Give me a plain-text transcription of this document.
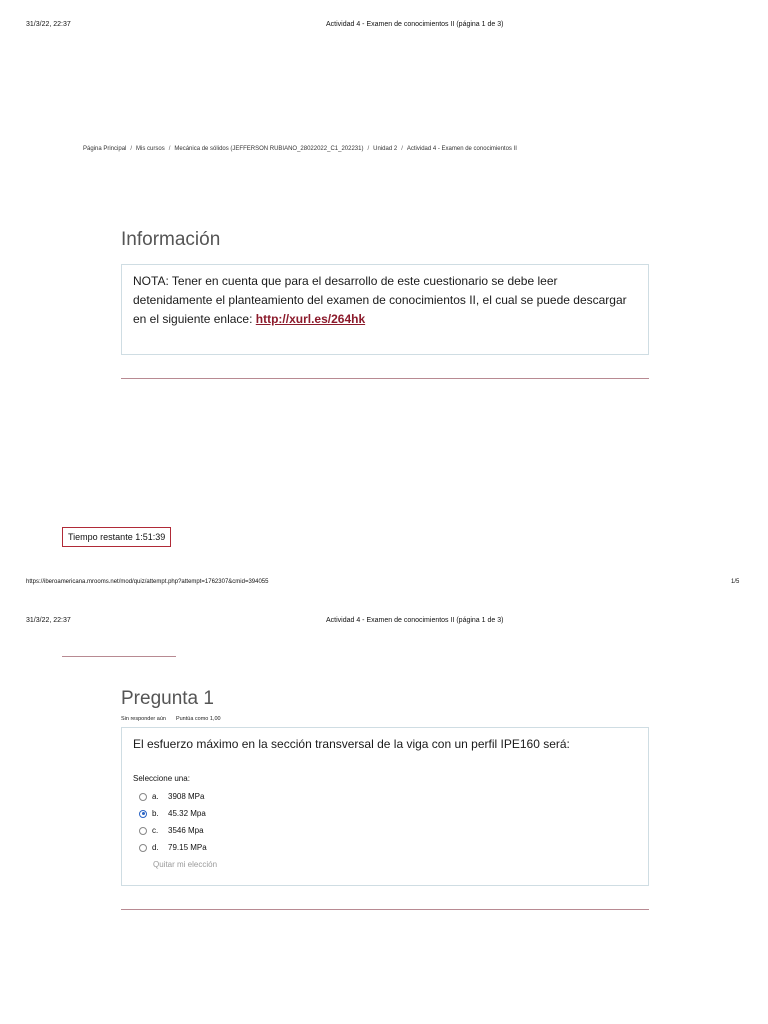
31/3/22, 22:37	Actividad 4 - Examen de conocimientos II (página 1 de 3)
Página Principal / Mis cursos / Mecánica de sólidos (JEFFERSON RUBIANO_28022022_C1_202231) / Unidad 2 / Actividad 4 - Examen de conocimientos II
Información
NOTA: Tener en cuenta que para el desarrollo de este cuestionario se debe leer detenidamente el planteamiento del examen de conocimientos II, el cual se puede descargar en el siguiente enlace: http://xurl.es/264hk
Tiempo restante 1:51:39
https://iberoamericana.mrooms.net/mod/quiz/attempt.php?attempt=1762307&cmid=394055	1/5
31/3/22, 22:37	Actividad 4 - Examen de conocimientos II (página 1 de 3)
Pregunta 1
Sin responder aún Puntúa como 1,00
El esfuerzo máximo en la sección transversal de la viga con un perfil IPE160 será:
Seleccione una:
a.	3908 MPa
b.	45.32 Mpa
c.	3546 Mpa
d.	79.15 MPa
Quitar mi elección
